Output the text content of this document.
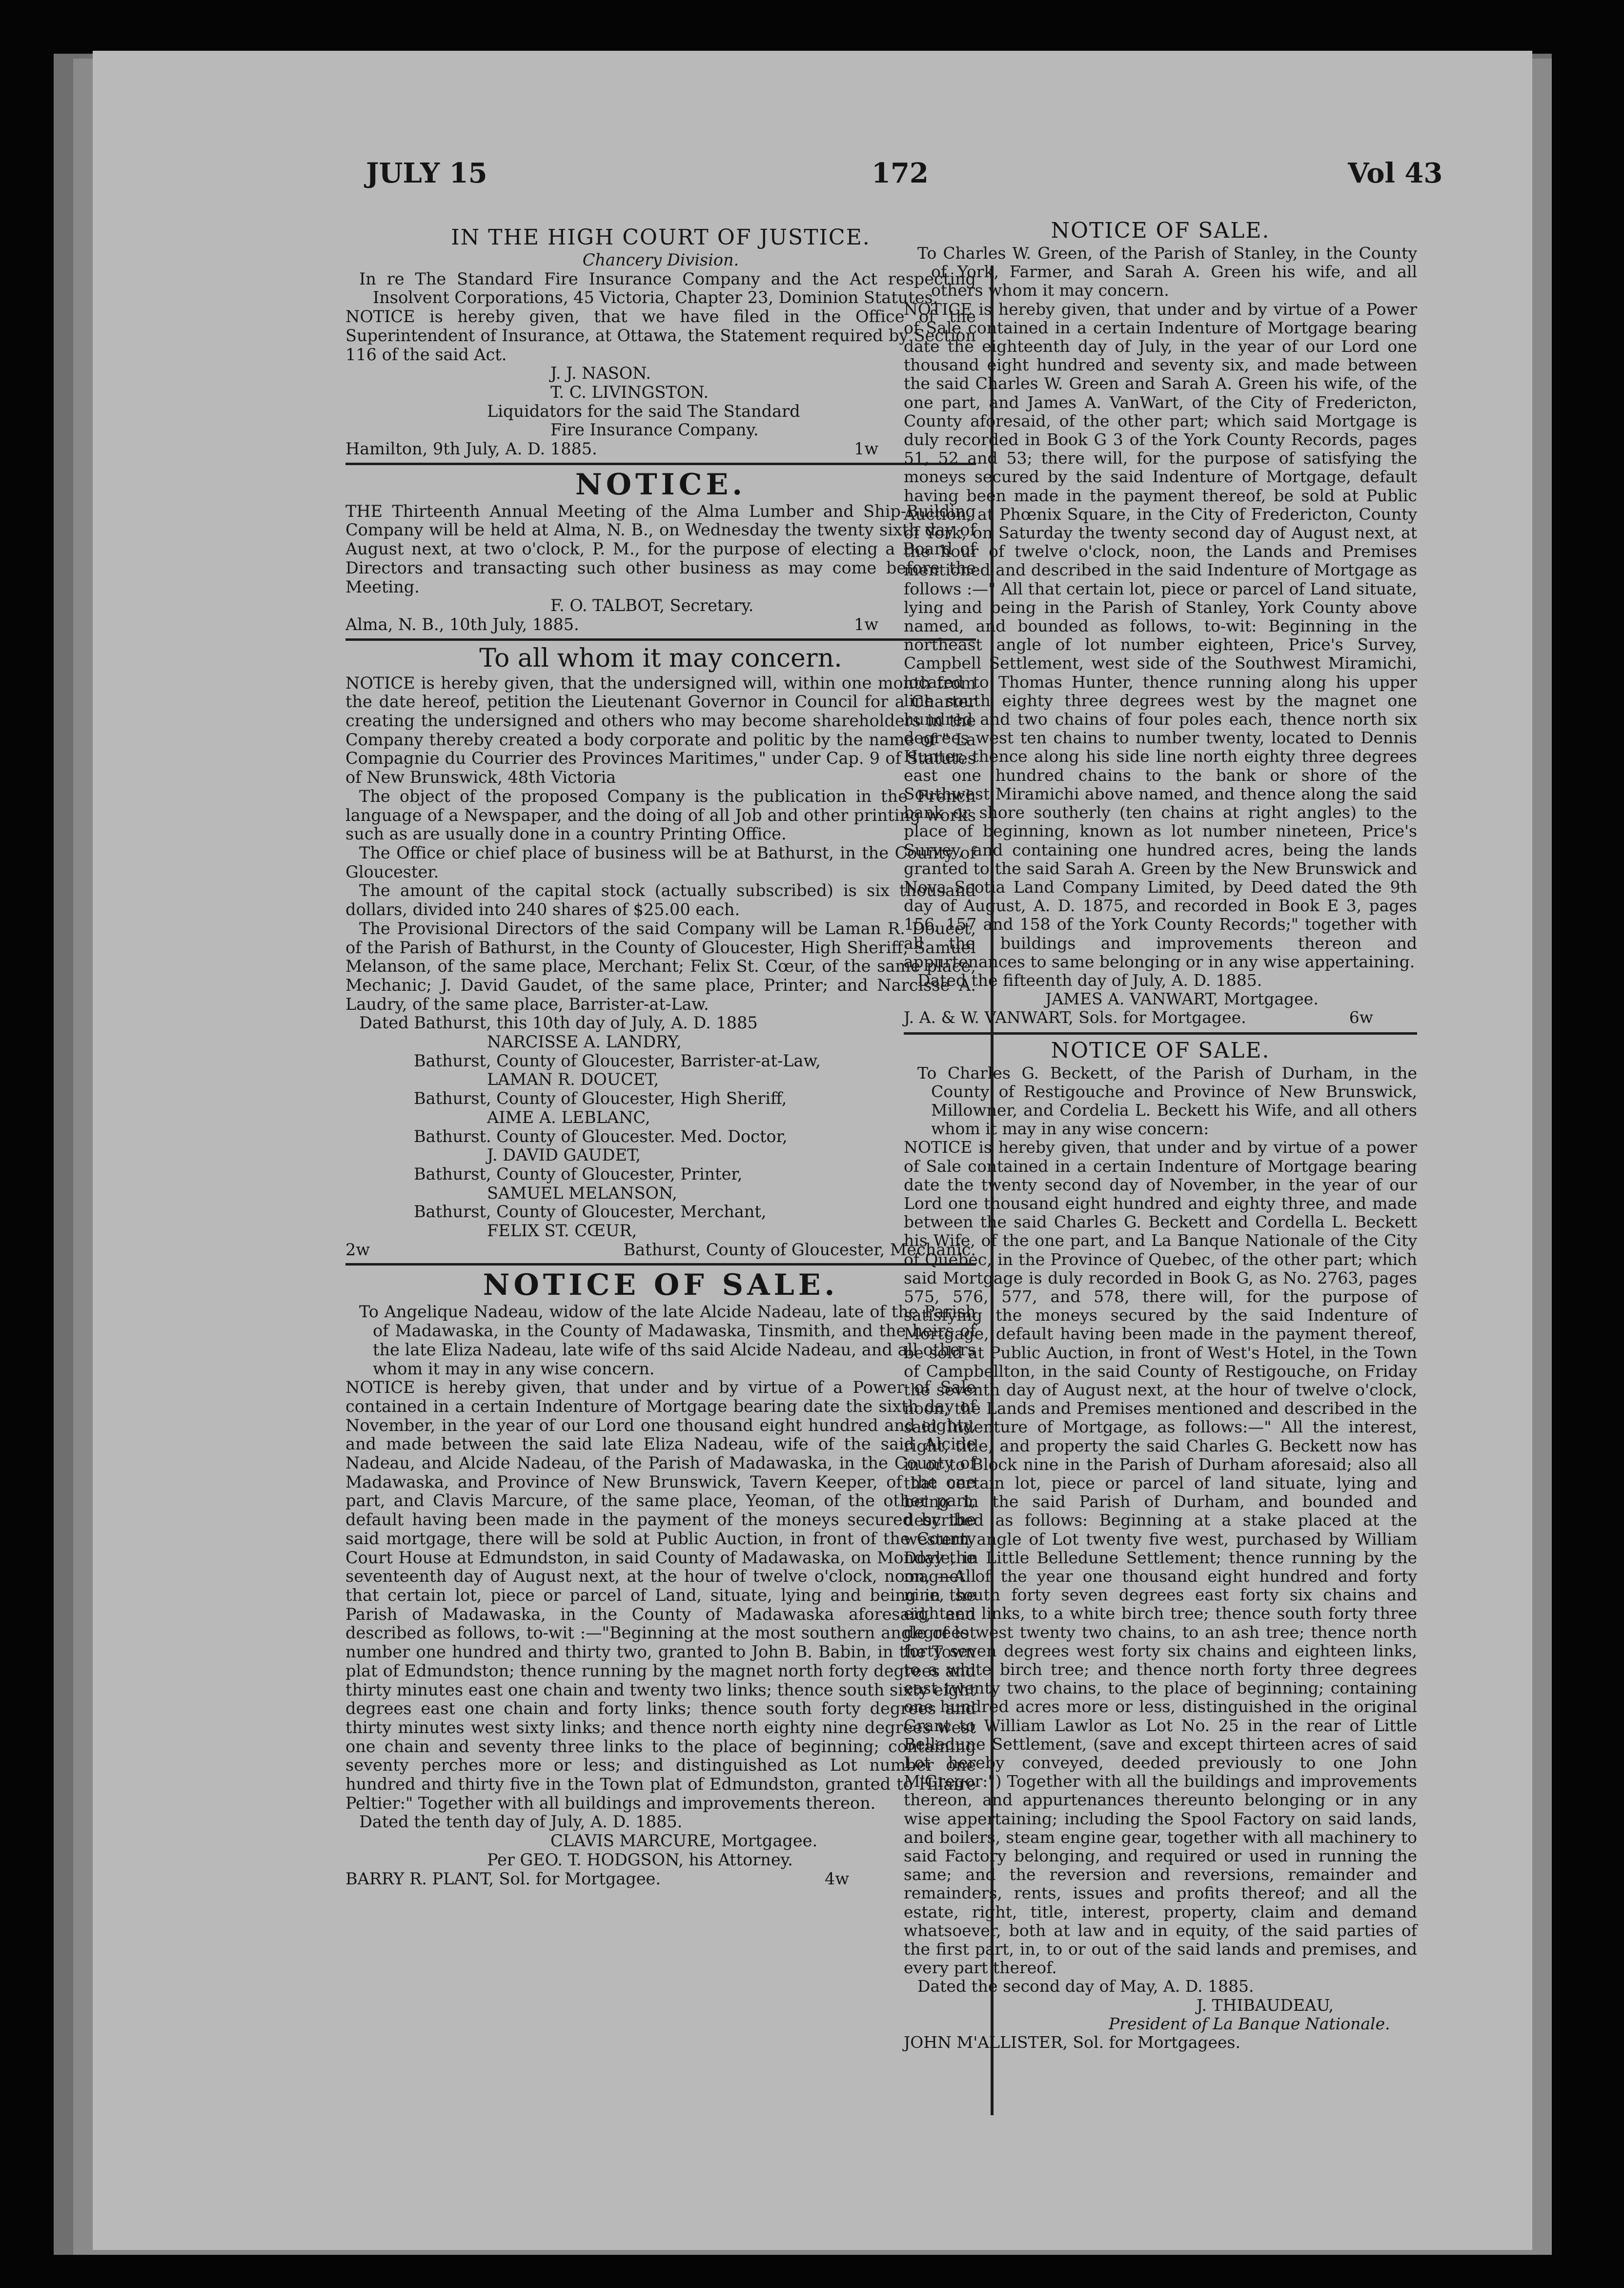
JULY 15	172	Vol 43
IN THE HIGH COURT OF JUSTICE.
Chancery Division.

In re The Standard Fire Insurance Company and the Act respecting Insolvent Corporations, 45 Victoria, Chapter 23, Dominion Statutes.

NOTICE is hereby given, that we have filed in the Office of the Superintendent of Insurance, at Ottawa, the Statement required by Section 116 of the said Act.

J. J. NASON.
T. C. LIVINGSTON.
Liquidators for the said The Standard
Fire Insurance Company.
Hamilton, 9th July, A. D. 1885.	1w
NOTICE.

THE Thirteenth Annual Meeting of the Alma Lumber and Ship-Building Company will be held at Alma, N. B., on Wednesday the twenty sixth day of August next, at two o'clock, P. M., for the purpose of electing a Board of Directors and transacting such other business as may come before the Meeting.

F. O. TALBOT, Secretary.
Alma, N. B., 10th July, 1885.	1w
To all whom it may concern.

NOTICE is hereby given, that the undersigned will, within one month from the date hereof, petition the Lieutenant Governor in Council for a Charter creating the undersigned and others who may become shareholders in the Company thereby created a body corporate and politic by the name of " La Compagnie du Courrier des Provinces Maritimes," under Cap. 9 of Statutes of New Brunswick, 48th Victoria

The object of the proposed Company is the publication in the French language of a Newspaper, and the doing of all Job and other printing works such as are usually done in a country Printing Office.

The Office or chief place of business will be at Bathurst, in the County of Gloucester.

The amount of the capital stock (actually subscribed) is six thousand dollars, divided into 240 shares of $25.00 each.

The Provisional Directors of the said Company will be Laman R. Doucet, of the Parish of Bathurst, in the County of Gloucester, High Sheriff; Samuel Melanson, of the same place, Merchant; Felix St. Cœur, of the same place, Mechanic; J. David Gaudet, of the same place, Printer; and Narcisse A. Laudry, of the same place, Barrister-at-Law.

Dated Bathurst, this 10th day of July, A. D. 1885

NARCISSE A. LANDRY,
Bathurst, County of Gloucester, Barrister-at-Law,
LAMAN R. DOUCET,
Bathurst, County of Gloucester, High Sheriff,
AIME A. LEBLANC,
Bathurst. County of Gloucester. Med. Doctor,
J. DAVID GAUDET,
Bathurst, County of Gloucester, Printer,
SAMUEL MELANSON,
Bathurst, County of Gloucester, Merchant,
FELIX ST. CŒUR,
2w	Bathurst, County of Gloucester, Mechanic.
NOTICE OF SALE.

To Angelique Nadeau, widow of the late Alcide Nadeau, late of the Parish of Madawaska, in the County of Madawaska, Tinsmith, and the heirs of the late Eliza Nadeau, late wife of ths said Alcide Nadeau, and all others whom it may in any wise concern.

NOTICE is hereby given, that under and by virtue of a Power of Sale contained in a certain Indenture of Mortgage bearing date the sixth day of November, in the year of our Lord one thousand eight hundred and eighty, and made between the said late Eliza Nadeau, wife of the said Alcide Nadeau, and Alcide Nadeau, of the Parish of Madawaska, in the County of Madawaska, and Province of New Brunswick, Tavern Keeper, of the one part, and Clavis Marcure, of the same place, Yeoman, of the other part, default having been made in the payment of the moneys secured by the said mortgage, there will be sold at Public Auction, in front of the County Court House at Edmundston, in said County of Madawaska, on Monday the seventeenth day of August next, at the hour of twelve o'clock, noon, —All that certain lot, piece or parcel of Land, situate, lying and being in the Parish of Madawaska, in the County of Madawaska aforesaid, and described as follows, to-wit :—"Beginning at the most southern angle of lot number one hundred and thirty two, granted to John B. Babin, in the Town plat of Edmundston; thence running by the magnet north forty degrees and thirty minutes east one chain and twenty two links; thence south sixty eight degrees east one chain and forty links; thence south forty degrees and thirty minutes west sixty links; and thence north eighty nine degrees west one chain and seventy three links to the place of beginning; containing seventy perches more or less; and distinguished as Lot number one hundred and thirty five in the Town plat of Edmundston, granted to Hilaire Peltier:" Together with all buildings and improvements thereon.

Dated the tenth day of July, A. D. 1885.

CLAVIS MARCURE, Mortgagee.
Per GEO. T. HODGSON, his Attorney.
BARRY R. PLANT, Sol. for Mortgagee.	4w
NOTICE OF SALE.

To Charles W. Green, of the Parish of Stanley, in the County of York, Farmer, and Sarah A. Green his wife, and all others whom it may concern.

NOTICE is hereby given, that under and by virtue of a Power of Sale contained in a certain Indenture of Mortgage bearing date the eighteenth day of July, in the year of our Lord one thousand eight hundred and seventy six, and made between the said Charles W. Green and Sarah A. Green his wife, of the one part, and James A. VanWart, of the City of Fredericton, County aforesaid, of the other part; which said Mortgage is duly recorded in Book G 3 of the York County Records, pages 51, 52 and 53; there will, for the purpose of satisfying the moneys secured by the said Indenture of Mortgage, default having been made in the payment thereof, be sold at Public Auction, at Phœnix Square, in the City of Fredericton, County of York, on Saturday the twenty second day of August next, at the hour of twelve o'clock, noon, the Lands and Premises mentioned and described in the said Indenture of Mortgage as follows :—" All that certain lot, piece or parcel of Land situate, lying and being in the Parish of Stanley, York County above named, and bounded as follows, to-wit: Beginning in the northeast angle of lot number eighteen, Price's Survey, Campbell Settlement, west side of the Southwest Miramichi, located to Thomas Hunter, thence running along his upper line south eighty three degrees west by the magnet one hundred and two chains of four poles each, thence north six degrees west ten chains to number twenty, located to Dennis Hunter, thence along his side line north eighty three degrees east one hundred chains to the bank or shore of the Southwest Miramichi above named, and thence along the said bank or shore southerly (ten chains at right angles) to the place of beginning, known as lot number nineteen, Price's Survey, and containing one hundred acres, being the lands granted to the said Sarah A. Green by the New Brunswick and Nova Scotia Land Company Limited, by Deed dated the 9th day of August, A. D. 1875, and recorded in Book E 3, pages 156, 157 and 158 of the York County Records;" together with all the buildings and improvements thereon and appurtenances to same belonging or in any wise appertaining.

Dated the fifteenth day of July, A. D. 1885.

JAMES A. VANWART, Mortgagee.
J. A. & W. VANWART, Sols. for Mortgagee.	6w
NOTICE OF SALE.

To Charles G. Beckett, of the Parish of Durham, in the County of Restigouche and Province of New Brunswick, Millowner, and Cordelia L. Beckett his Wife, and all others whom it may in any wise concern:

NOTICE is hereby given, that under and by virtue of a power of Sale contained in a certain Indenture of Mortgage bearing date the twenty second day of November, in the year of our Lord one thousand eight hundred and eighty three, and made between the said Charles G. Beckett and Cordella L. Beckett his Wife, of the one part, and La Banque Nationale of the City of Quebec, in the Province of Quebec, of the other part; which said Mortgage is duly recorded in Book G, as No. 2763, pages 575, 576, 577, and 578, there will, for the purpose of satisfying the moneys secured by the said Indenture of Mortgage, default having been made in the payment thereof, be sold at Public Auction, in front of West's Hotel, in the Town of Campbellton, in the said County of Restigouche, on Friday the seventh day of August next, at the hour of twelve o'clock, noon, the Lands and Premises mentioned and described in the said Indenture of Mortgage, as follows:—" All the interest, right, title, and property the said Charles G. Beckett now has in or to Block nine in the Parish of Durham aforesaid; also all that certain lot, piece or parcel of land situate, lying and being in the said Parish of Durham, and bounded and described as follows: Beginning at a stake placed at the western angle of Lot twenty five west, purchased by William Doyle, in Little Belledune Settlement; thence running by the magnet of the year one thousand eight hundred and forty nine, south forty seven degrees east forty six chains and eighteen links, to a white birch tree; thence south forty three degrees west twenty two chains, to an ash tree; thence north forty seven degrees west forty six chains and eighteen links, to a white birch tree; and thence north forty three degrees east twenty two chains, to the place of beginning; containing one hundred acres more or less, distinguished in the original Grant to William Lawlor as Lot No. 25 in the rear of Little Belledune Settlement, (save and except thirteen acres of said Lot hereby conveyed, deeded previously to one John M'Gregor:") Together with all the buildings and improvements thereon, and appurtenances thereunto belonging or in any wise appertaining; including the Spool Factory on said lands, and boilers, steam engine gear, together with all machinery to said Factory belonging, and required or used in running the same; and the reversion and reversions, remainder and remainders, rents, issues and profits thereof; and all the estate, right, title, interest, property, claim and demand whatsoever, both at law and in equity, of the said parties of the first part, in, to or out of the said lands and premises, and every part thereof.

Dated the second day of May, A. D. 1885.

J. THIBAUDEAU,
President of La Banque Nationale.
JOHN M'ALLISTER, Sol. for Mortgagees.
